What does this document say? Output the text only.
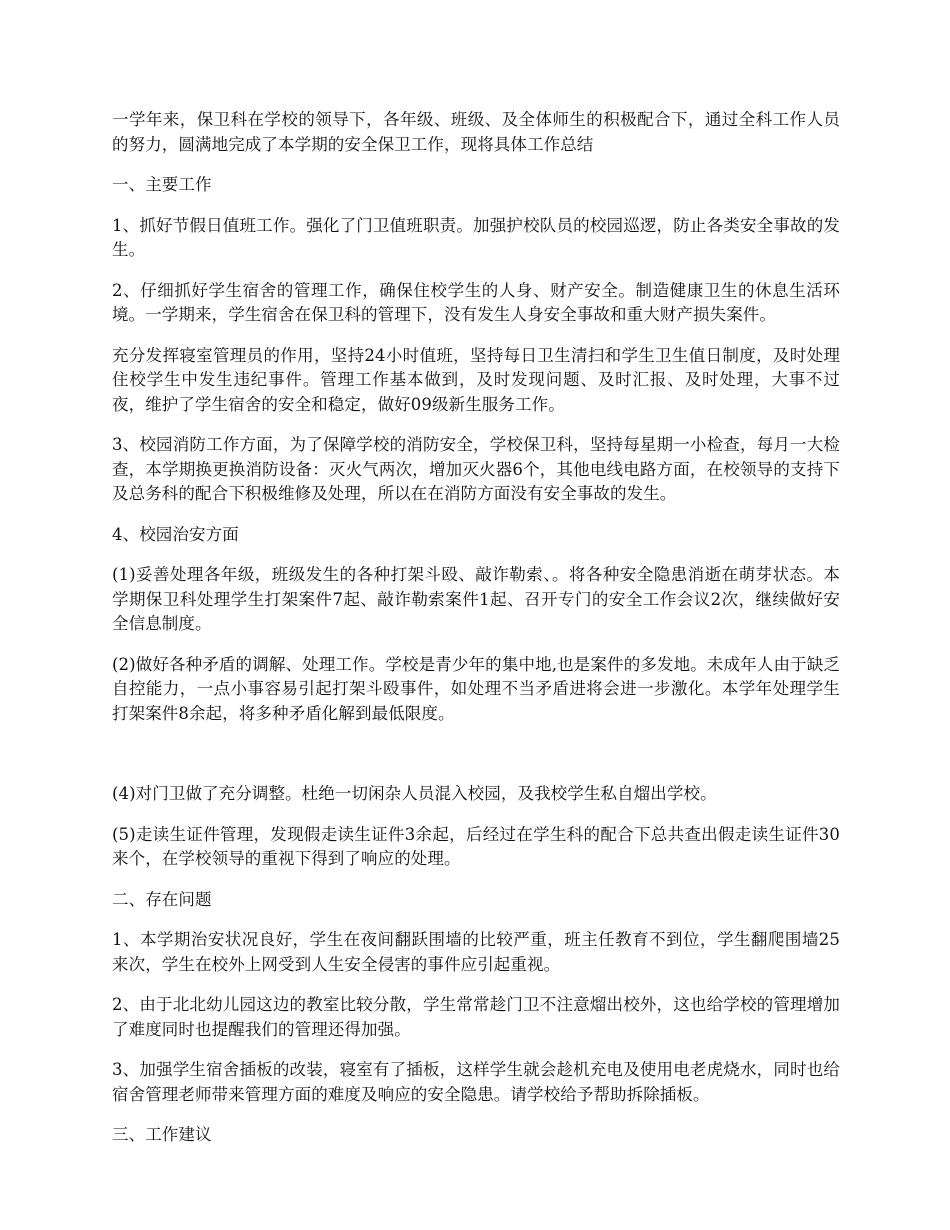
一学年来，保卫科在学校的领导下，各年级、班级、及全体师生的积极配合下，通过全科工作人员的努力，圆满地完成了本学期的安全保卫工作，现将具体工作总结

一、主要工作

1、抓好节假日值班工作。强化了门卫值班职责。加强护校队员的校园巡逻，防止各类安全事故的发生。

2、仔细抓好学生宿舍的管理工作，确保住校学生的人身、财产安全。制造健康卫生的休息生活环境。一学期来，学生宿舍在保卫科的管理下，没有发生人身安全事故和重大财产损失案件。

充分发挥寝室管理员的作用，坚持24小时值班，坚持每日卫生清扫和学生卫生值日制度，及时处理住校学生中发生违纪事件。管理工作基本做到，及时发现问题、及时汇报、及时处理，大事不过夜，维护了学生宿舍的安全和稳定，做好09级新生服务工作。

3、校园消防工作方面，为了保障学校的消防安全，学校保卫科，坚持每星期一小检查，每月一大检查，本学期换更换消防设备：灭火气两次，增加灭火器6个，其他电线电路方面，在校领导的支持下及总务科的配合下积极维修及处理，所以在在消防方面没有安全事故的发生。

4、校园治安方面

(1)妥善处理各年级，班级发生的各种打架斗殴、敲诈勒索、。将各种安全隐患消逝在萌芽状态。本学期保卫科处理学生打架案件7起、敲诈勒索案件1起、召开专门的安全工作会议2次，继续做好安全信息制度。

(2)做好各种矛盾的调解、处理工作。学校是青少年的集中地,也是案件的多发地。未成年人由于缺乏自控能力，一点小事容易引起打架斗殴事件，如处理不当矛盾进将会进一步激化。本学年处理学生打架案件8余起，将多种矛盾化解到最低限度。

(4)对门卫做了充分调整。杜绝一切闲杂人员混入校园，及我校学生私自熘出学校。

(5)走读生证件管理，发现假走读生证件3余起，后经过在学生科的配合下总共查出假走读生证件30来个，在学校领导的重视下得到了响应的处理。

二、存在问题

1、本学期治安状况良好，学生在夜间翻跃围墙的比较严重，班主任教育不到位，学生翻爬围墙25来次，学生在校外上网受到人生安全侵害的事件应引起重视。

2、由于北北幼儿园这边的教室比较分散，学生常常趁门卫不注意熘出校外，这也给学校的管理增加了难度同时也提醒我们的管理还得加强。

3、加强学生宿舍插板的改装，寝室有了插板，这样学生就会趁机充电及使用电老虎烧水，同时也给宿舍管理老师带来管理方面的难度及响应的安全隐患。请学校给予帮助拆除插板。

三、工作建议
